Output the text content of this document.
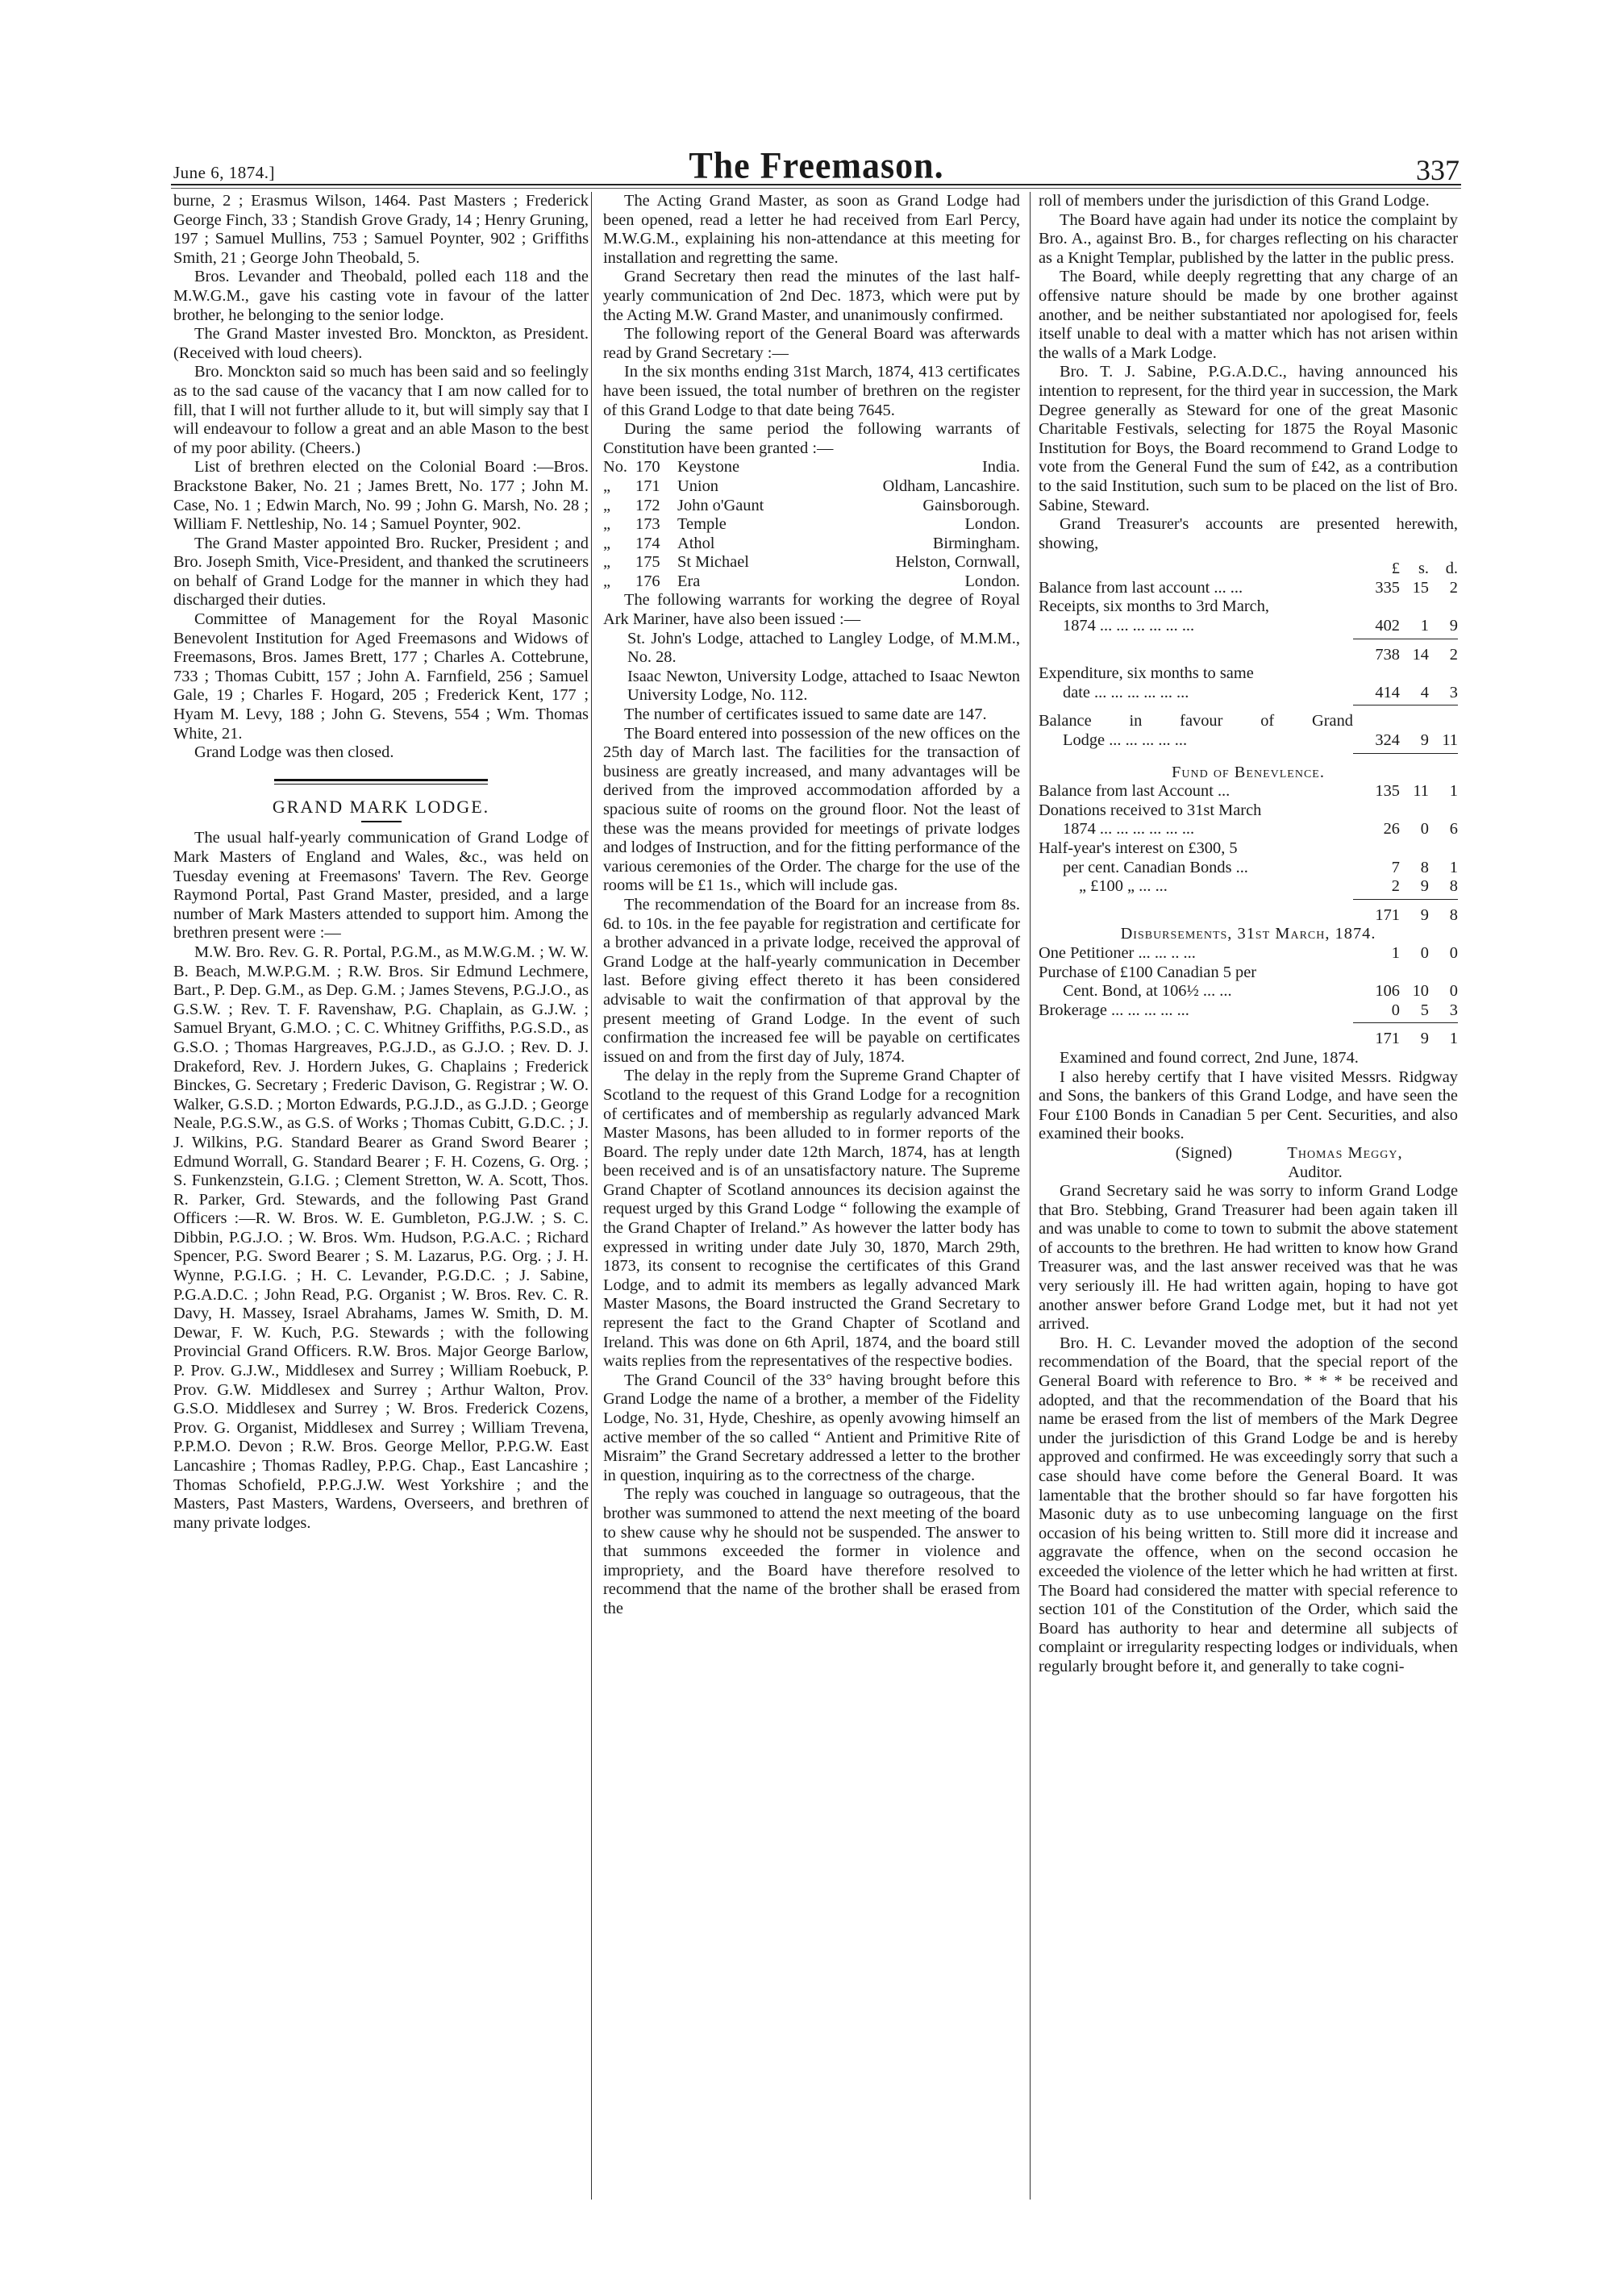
June 6, 1874.]	The Freemason.	337

burne, 2 ; Erasmus Wilson, 1464. Past Masters ; Frederick George Finch, 33 ; Standish Grove Grady, 14 ; Henry Gruning, 197 ; Samuel Mullins, 753 ; Samuel Poynter, 902 ; Griffiths Smith, 21 ; George John Theobald, 5.

Bros. Levander and Theobald, polled each 118 and the M.W.G.M., gave his casting vote in favour of the latter brother, he belonging to the senior lodge.

The Grand Master invested Bro. Monckton, as President. (Received with loud cheers).

Bro. Monckton said so much has been said and so feelingly as to the sad cause of the vacancy that I am now called for to fill, that I will not further allude to it, but will simply say that I will endeavour to follow a great and an able Mason to the best of my poor ability. (Cheers.)

List of brethren elected on the Colonial Board :—Bros. Brackstone Baker, No. 21 ; James Brett, No. 177 ; John M. Case, No. 1 ; Edwin March, No. 99 ; John G. Marsh, No. 28 ; William F. Nettleship, No. 14 ; Samuel Poynter, 902.

The Grand Master appointed Bro. Rucker, President ; and Bro. Joseph Smith, Vice-President, and thanked the scrutineers on behalf of Grand Lodge for the manner in which they had discharged their duties.

Committee of Management for the Royal Masonic Benevolent Institution for Aged Freemasons and Widows of Freemasons, Bros. James Brett, 177 ; Charles A. Cottebrune, 733 ; Thomas Cubitt, 157 ; John A. Farnfield, 256 ; Samuel Gale, 19 ; Charles F. Hogard, 205 ; Frederick Kent, 177 ; Hyam M. Levy, 188 ; John G. Stevens, 554 ; Wm. Thomas White, 21.

Grand Lodge was then closed.

GRAND MARK LODGE.

The usual half-yearly communication of Grand Lodge of Mark Masters of England and Wales, &c., was held on Tuesday evening at Freemasons' Tavern. The Rev. George Raymond Portal, Past Grand Master, presided, and a large number of Mark Masters attended to support him. Among the brethren present were :—

M.W. Bro. Rev. G. R. Portal, P.G.M., as M.W.G.M. ; W. W. B. Beach, M.W.P.G.M. ; R.W. Bros. Sir Edmund Lechmere, Bart., P. Dep. G.M., as Dep. G.M. ; James Stevens, P.G.J.O., as G.S.W. ; Rev. T. F. Ravenshaw, P.G. Chaplain, as G.J.W. ; Samuel Bryant, G.M.O. ; C. C. Whitney Griffiths, P.G.S.D., as G.S.O. ; Thomas Hargreaves, P.G.J.D., as G.J.O. ; Rev. D. J. Drakeford, Rev. J. Hordern Jukes, G. Chaplains ; Frederick Binckes, G. Secretary ; Frederic Davison, G. Registrar ; W. O. Walker, G.S.D. ; Morton Edwards, P.G.J.D., as G.J.D. ; George Neale, P.G.S.W., as G.S. of Works ; Thomas Cubitt, G.D.C. ; J. J. Wilkins, P.G. Standard Bearer as Grand Sword Bearer ; Edmund Worrall, G. Standard Bearer ; F. H. Cozens, G. Org. ; S. Funkenzstein, G.I.G. ; Clement Stretton, W. A. Scott, Thos. R. Parker, Grd. Stewards, and the following Past Grand Officers :—R. W. Bros. W. E. Gumbleton, P.G.J.W. ; S. C. Dibbin, P.G.J.O. ; W. Bros. Wm. Hudson, P.G.A.C. ; Richard Spencer, P.G. Sword Bearer ; S. M. Lazarus, P.G. Org. ; J. H. Wynne, P.G.I.G. ; H. C. Levander, P.G.D.C. ; J. Sabine, P.G.A.D.C. ; John Read, P.G. Organist ; W. Bros. Rev. C. R. Davy, H. Massey, Israel Abrahams, James W. Smith, D. M. Dewar, F. W. Kuch, P.G. Stewards ; with the following Provincial Grand Officers. R.W. Bros. Major George Barlow, P. Prov. G.J.W., Middlesex and Surrey ; William Roebuck, P. Prov. G.W. Middlesex and Surrey ; Arthur Walton, Prov. G.S.O. Middlesex and Surrey ; W. Bros. Frederick Cozens, Prov. G. Organist, Middlesex and Surrey ; William Trevena, P.P.M.O. Devon ; R.W. Bros. George Mellor, P.P.G.W. East Lancashire ; Thomas Radley, P.P.G. Chap., East Lancashire ; Thomas Schofield, P.P.G.J.W. West Yorkshire ; and the Masters, Past Masters, Wardens, Overseers, and brethren of many private lodges.

The Acting Grand Master, as soon as Grand Lodge had been opened, read a letter he had received from Earl Percy, M.W.G.M., explaining his non-attendance at this meeting for installation and regretting the same.

Grand Secretary then read the minutes of the last half-yearly communication of 2nd Dec. 1873, which were put by the Acting M.W. Grand Master, and unanimously confirmed.

The following report of the General Board was afterwards read by Grand Secretary :—

In the six months ending 31st March, 1874, 413 certificates have been issued, the total number of brethren on the register of this Grand Lodge to that date being 7645.

During the same period the following warrants of Constitution have been granted :—

No. 170	Keystone	India.
„	171	Union	Oldham, Lancashire.
„	172	John o'Gaunt	Gainsborough.
„	173	Temple	London.
„	174	Athol	Birmingham.
„	175	St Michael	Helston, Cornwall,
„	176	Era	London.

The following warrants for working the degree of Royal Ark Mariner, have also been issued :—

St. John's Lodge, attached to Langley Lodge, of M.M.M., No. 28.

Isaac Newton, University Lodge, attached to Isaac Newton University Lodge, No. 112.

The number of certificates issued to same date are 147.

The Board entered into possession of the new offices on the 25th day of March last. The facilities for the transaction of business are greatly increased, and many advantages will be derived from the improved accommodation afforded by a spacious suite of rooms on the ground floor. Not the least of these was the means provided for meetings of private lodges and lodges of Instruction, and for the fitting performance of the various ceremonies of the Order. The charge for the use of the rooms will be £1 1s., which will include gas.

The recommendation of the Board for an increase from 8s. 6d. to 10s. in the fee payable for registration and certificate for a brother advanced in a private lodge, received the approval of Grand Lodge at the half-yearly communication in December last. Before giving effect thereto it has been considered advisable to wait the confirmation of that approval by the present meeting of Grand Lodge. In the event of such confirmation the increased fee will be payable on certificates issued on and from the first day of July, 1874.

The delay in the reply from the Supreme Grand Chapter of Scotland to the request of this Grand Lodge for a recognition of certificates and of membership as regularly advanced Mark Master Masons, has been alluded to in former reports of the Board. The reply under date 12th March, 1874, has at length been received and is of an unsatisfactory nature. The Supreme Grand Chapter of Scotland announces its decision against the request urged by this Grand Lodge “ following the example of the Grand Chapter of Ireland.” As however the latter body has expressed in writing under date July 30, 1870, March 29th, 1873, its consent to recognise the certificates of this Grand Lodge, and to admit its members as legally advanced Mark Master Masons, the Board instructed the Grand Secretary to represent the fact to the Grand Chapter of Scotland and Ireland. This was done on 6th April, 1874, and the board still waits replies from the representatives of the respective bodies.

The Grand Council of the 33° having brought before this Grand Lodge the name of a brother, a member of the Fidelity Lodge, No. 31, Hyde, Cheshire, as openly avowing himself an active member of the so called “ Antient and Primitive Rite of Misraim” the Grand Secretary addressed a letter to the brother in question, inquiring as to the correctness of the charge.

The reply was couched in language so outrageous, that the brother was summoned to attend the next meeting of the board to shew cause why he should not be suspended. The answer to that summons exceeded the former in violence and impropriety, and the Board have therefore resolved to recommend that the name of the brother shall be erased from the

roll of members under the jurisdiction of this Grand Lodge.

The Board have again had under its notice the complaint by Bro. A., against Bro. B., for charges reflecting on his character as a Knight Templar, published by the latter in the public press.

The Board, while deeply regretting that any charge of an offensive nature should be made by one brother against another, and be neither substantiated nor apologised for, feels itself unable to deal with a matter which has not arisen within the walls of a Mark Lodge.

Bro. T. J. Sabine, P.G.A.D.C., having announced his intention to represent, for the third year in succession, the Mark Degree generally as Steward for one of the great Masonic Charitable Festivals, selecting for 1875 the Royal Masonic Institution for Boys, the Board recommend to Grand Lodge to vote from the General Fund the sum of £42, as a contribution to the said Institution, such sum to be placed on the list of Bro. Sabine, Steward.

Grand Treasurer's accounts are presented herewith, showing,

£	s.	d.
Balance from last account ... ...	335 15	2
Receipts, six months to 3rd March,
1874 ... ... ... ... ... ...	402	1	9
738 14	2
Expenditure, six months to same
date ... ... ... ... ... ...	414	4	3
Balance in favour of Grand
Lodge ... ... ... ... ...	324	9 11

Fund of Benevlence.

Balance from last Account ...	135 11	1
Donations received to 31st March
1874 ... ... ... ... ... ...	26	0	6
Half-year's interest on £300, 5
per cent. Canadian Bonds ...	7	8	1
„ £100 „ ... ...	2	9	8
171	9	8

Disbursements, 31st March, 1874.

One Petitioner ... ... .. ...	1	0	0
Purchase of £100 Canadian 5 per
Cent. Bond, at 106½ ... ...	106 10	0
Brokerage ... ... ... ... ...	0	5	3
171	9	1

Examined and found correct, 2nd June, 1874.

I also hereby certify that I have visited Messrs. Ridgway and Sons, the bankers of this Grand Lodge, and have seen the Four £100 Bonds in Canadian 5 per Cent. Securities, and also examined their books.

(Signed)	Thomas Meggy,

Auditor.

Grand Secretary said he was sorry to inform Grand Lodge that Bro. Stebbing, Grand Treasurer had been again taken ill and was unable to come to town to submit the above statement of accounts to the brethren. He had written to know how Grand Treasurer was, and the last answer received was that he was very seriously ill. He had written again, hoping to have got another answer before Grand Lodge met, but it had not yet arrived.

Bro. H. C. Levander moved the adoption of the second recommendation of the Board, that the special report of the General Board with reference to Bro. * * * be received and adopted, and that the recommendation of the Board that his name be erased from the list of members of the Mark Degree under the jurisdiction of this Grand Lodge be and is hereby approved and confirmed. He was exceedingly sorry that such a case should have come before the General Board. It was lamentable that the brother should so far have forgotten his Masonic duty as to use unbecoming language on the first occasion of his being written to. Still more did it increase and aggravate the offence, when on the second occasion he exceeded the violence of the letter which he had written at first. The Board had considered the matter with special reference to section 101 of the Constitution of the Order, which said the Board has authority to hear and determine all subjects of complaint or irregularity respecting lodges or individuals, when regularly brought before it, and generally to take cogni-
